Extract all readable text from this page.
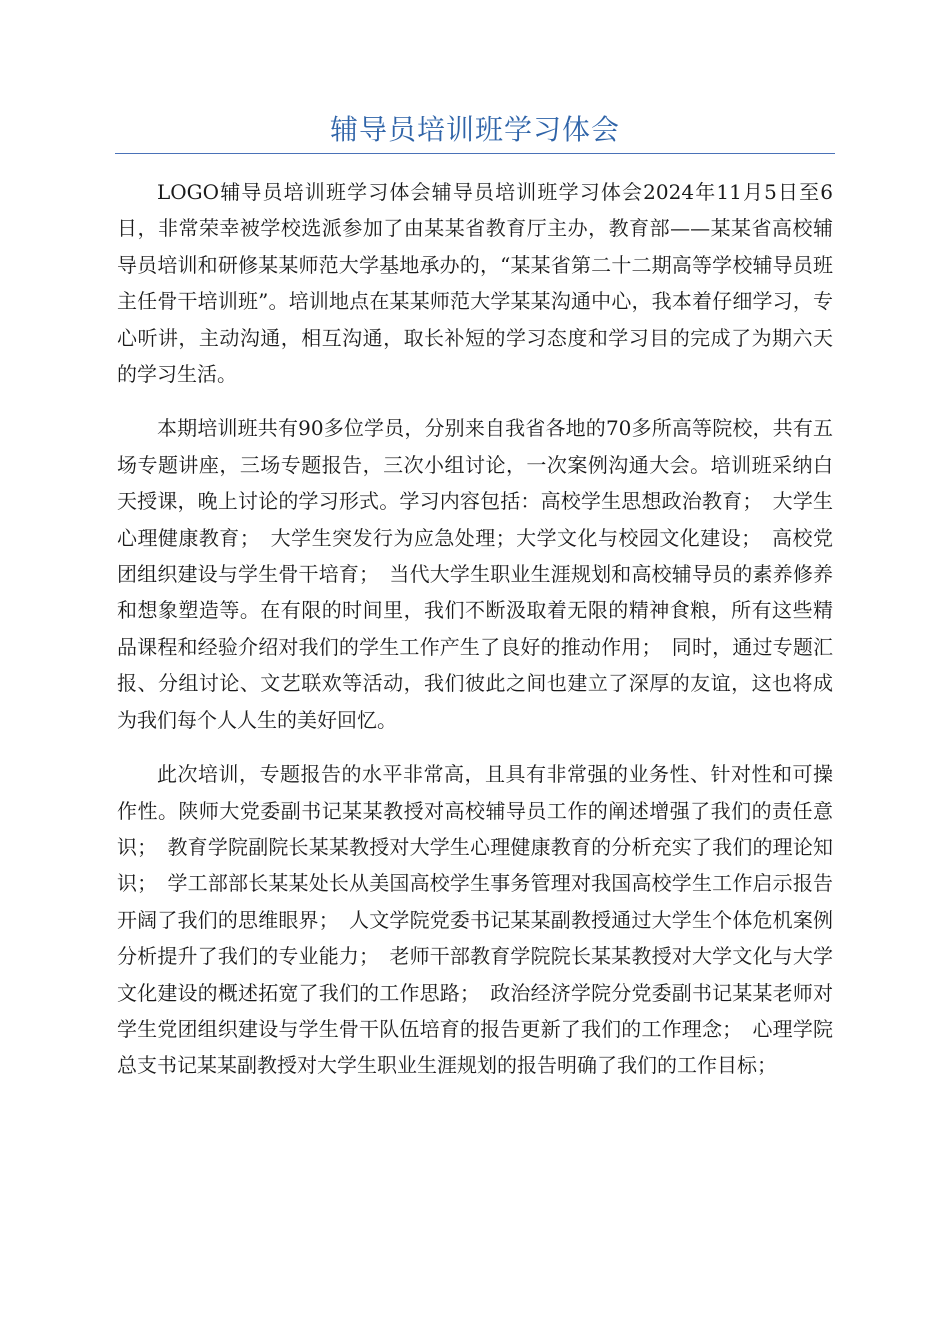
辅导员培训班学习体会

LOGO辅导员培训班学习体会辅导员培训班学习体会2024年11月5日至6日，非常荣幸被学校选派参加了由某某省教育厅主办，教育部——某某省高校辅导员培训和研修某某师范大学基地承办的，“某某省第二十二期高等学校辅导员班主任骨干培训班”。培训地点在某某师范大学某某沟通中心，我本着仔细学习，专心听讲，主动沟通，相互沟通，取长补短的学习态度和学习目的完成了为期六天的学习生活。

本期培训班共有90多位学员，分别来自我省各地的70多所高等院校，共有五场专题讲座，三场专题报告，三次小组讨论，一次案例沟通大会。培训班采纳白天授课，晚上讨论的学习形式。学习内容包括：高校学生思想政治教育；　大学生心理健康教育；　大学生突发行为应急处理；大学文化与校园文化建设；　高校党团组织建设与学生骨干培育；　当代大学生职业生涯规划和高校辅导员的素养修养和想象塑造等。在有限的时间里，我们不断汲取着无限的精神食粮，所有这些精品课程和经验介绍对我们的学生工作产生了良好的推动作用；　同时，通过专题汇报、分组讨论、文艺联欢等活动，我们彼此之间也建立了深厚的友谊，这也将成为我们每个人人生的美好回忆。

此次培训，专题报告的水平非常高，且具有非常强的业务性、针对性和可操作性。陕师大党委副书记某某教授对高校辅导员工作的阐述增强了我们的责任意识；　教育学院副院长某某教授对大学生心理健康教育的分析充实了我们的理论知识；　学工部部长某某处长从美国高校学生事务管理对我国高校学生工作启示报告开阔了我们的思维眼界；　人文学院党委书记某某副教授通过大学生个体危机案例分析提升了我们的专业能力；　老师干部教育学院院长某某教授对大学文化与大学文化建设的概述拓宽了我们的工作思路；　政治经济学院分党委副书记某某老师对学生党团组织建设与学生骨干队伍培育的报告更新了我们的工作理念；　心理学院总支书记某某副教授对大学生职业生涯规划的报告明确了我们的工作目标；
